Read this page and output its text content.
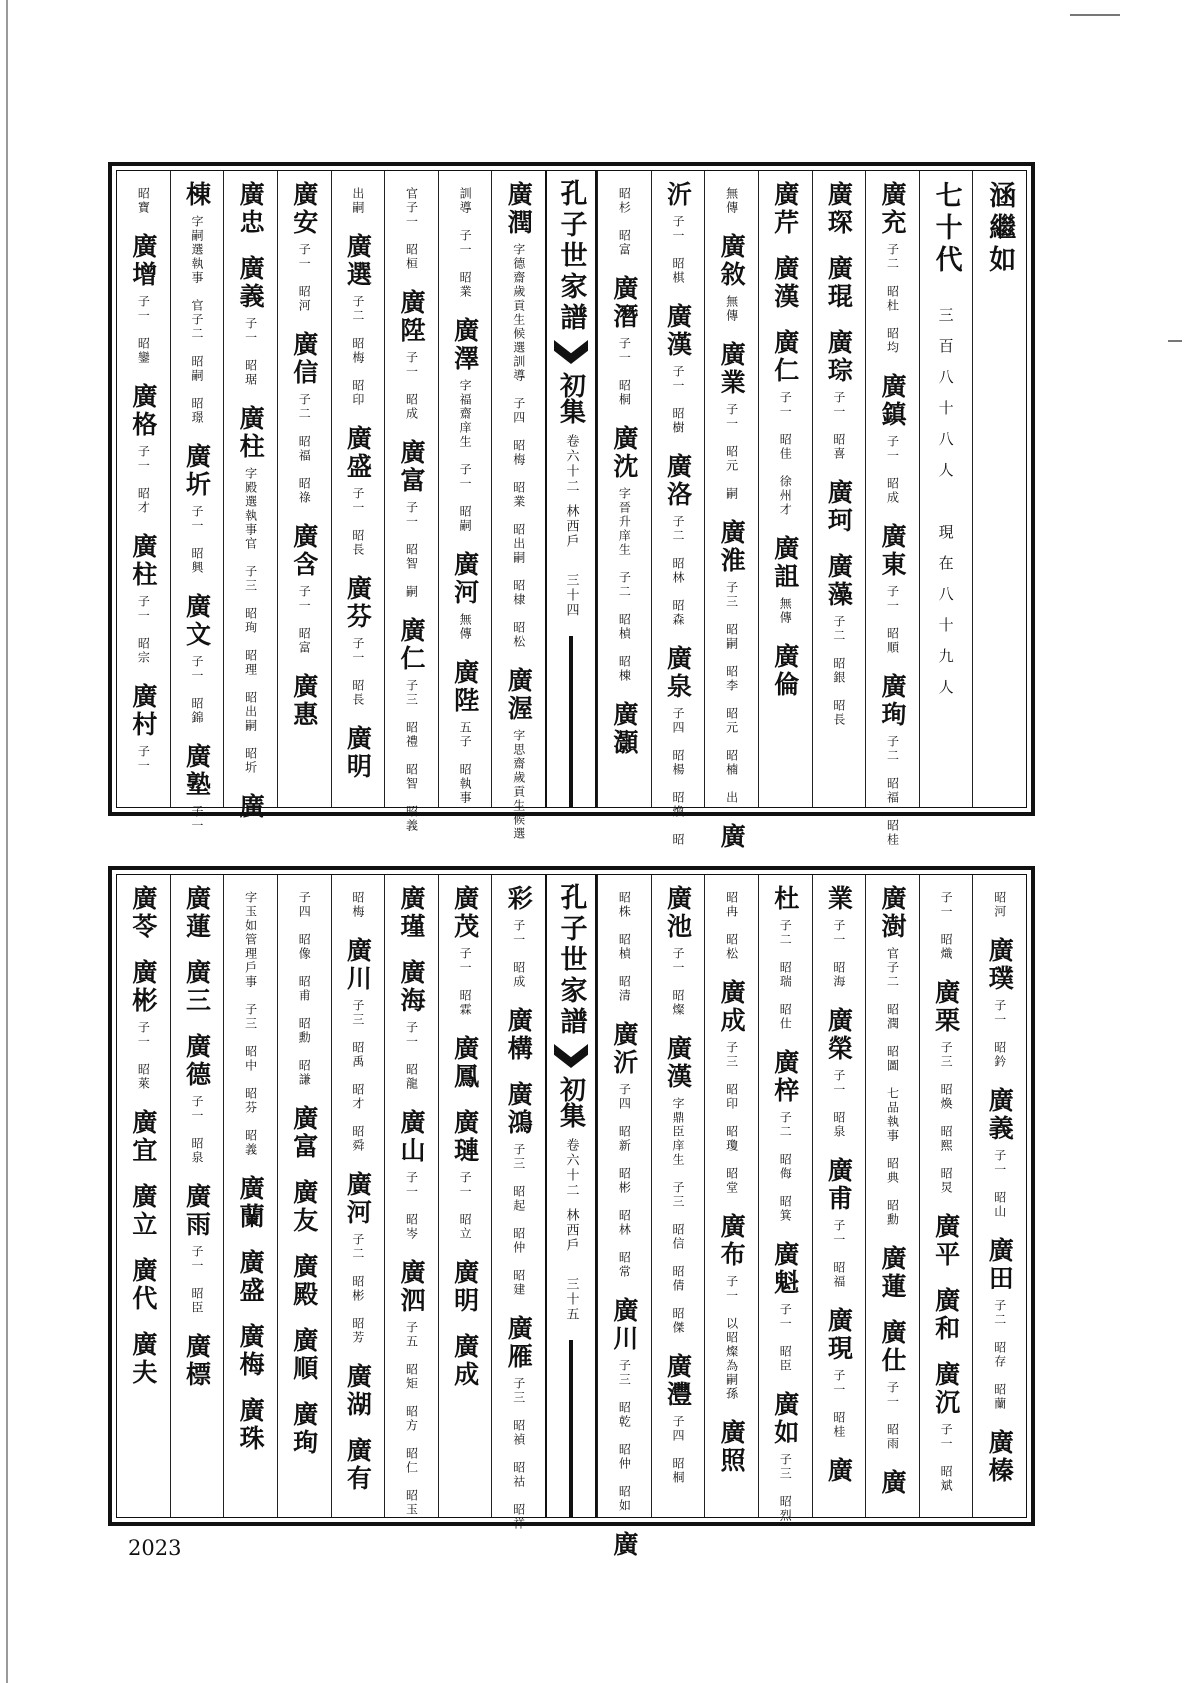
涵繼如
七十代
三百八十八人　現在八十九人
廣充
子二　昭杜　昭均
廣鎮
子一　昭成
廣東
子一　昭順
廣珣
子二　昭福　昭桂
廣琛
廣琨
廣琮
子一　昭喜
廣珂
廣藻
子二　昭銀　昭長
廣芹
廣漢
廣仁
子一　昭佳　徐州才
廣詛
無傳
廣倫
無傳
廣敘
無傳
廣業
子一　昭元　嗣
廣淮
子三　昭嗣　昭李　昭元　昭楠　出
廣
沂
子一　昭棋
廣漢
子一　昭樹
廣洛
子二　昭林　昭森
廣泉
子四　昭楊　昭煥　昭
昭杉　昭富
廣潛
子一　昭桐
廣沈
字晉升庠生　子二　昭楨　昭棟
廣灝
孔子世家譜
初集
卷六十二
林西戶
三十四
廣潤
字德齋歲貢生候選訓導　子四　昭梅　昭業　昭出嗣　昭棣　昭松
廣渥
字思齋歲貢生候選
訓導　子一　昭業
廣澤
字福齋庠生　子一　昭嗣
廣河
無傳
廣陛
五子　昭執事
官子一　昭桓
廣陞
子一　昭成
廣富
子一　昭智　嗣
廣仁
子三　昭禮　昭智　昭義
出嗣
廣選
子二　昭梅　昭印
廣盛
子一　昭長
廣芬
子一　昭長
廣明
廣安
子一　昭河
廣信
子二　昭福　昭祿
廣含
子一　昭富
廣惠
廣忠
廣義
子一　昭琚
廣柱
字殿選執事官　子三　昭珣　昭理　昭出嗣　昭圻
廣
棟
字嗣選執事　官子二　昭嗣　昭璟
廣圻
子一　昭興
廣文
子一　昭錦
廣塾
子一
昭寶
廣增
子一　昭鑾
廣格
子一　昭才
廣柱
子一　昭宗
廣村
子一
昭河
廣璞
子一　昭鈐
廣義
子一　昭山
廣田
子二　昭存　昭蘭
廣榛
子一　昭熾
廣栗
子三　昭煥　昭熙　昭炅
廣平
廣和
廣沉
子一　昭斌
廣澍
官子二　昭潤　昭圖　七品執事　昭典　昭勳
廣蓮
廣仕
子一　昭雨
廣
業
子一　昭海
廣榮
子一　昭泉
廣甫
子一　昭福
廣現
子一　昭桂
廣
杜
子二　昭瑞　昭仕
廣梓
子二　昭侮　昭箕
廣魁
子一　昭臣
廣如
子三　昭烈
昭冉　昭松
廣成
子三　昭印　昭瓊　昭堂
廣布
子一　以昭燦為嗣孫
廣照
廣池
子一　昭燦
廣漢
字鼎臣庠生　子三　昭信　昭倩　昭傑
廣灃
子四　昭桐
昭株　昭楨　昭清
廣沂
子四　昭新　昭彬　昭林　昭常
廣川
子三　昭乾　昭仲　昭如
廣
孔子世家譜
初集
卷六十二
林西戶
三十五
彩
子一　昭成
廣構
廣鴻
子三　昭起　昭仲　昭建
廣雁
子三　昭禎　昭祜　昭祥
廣茂
子一　昭霖
廣鳳
廣璉
子一　昭立
廣明
廣成
廣瑾
廣海
子一　昭龍
廣山
子一　昭岑
廣泗
子五　昭矩　昭方　昭仁　昭玉
昭梅
廣川
子三　昭禹　昭才　昭舜
廣河
子二　昭彬　昭芳
廣湖
廣有
子四　昭像　昭甫　昭勳　昭謙
廣富
廣友
廣殿
廣順
廣珣
字玉如管理戶事　子三　昭中　昭芬　昭義
廣蘭
廣盛
廣梅
廣珠
廣蓮
廣三
廣德
子一　昭泉
廣雨
子一　昭臣
廣標
廣苓
廣彬
子一　昭萊
廣宜
廣立
廣代
廣夫
2023
